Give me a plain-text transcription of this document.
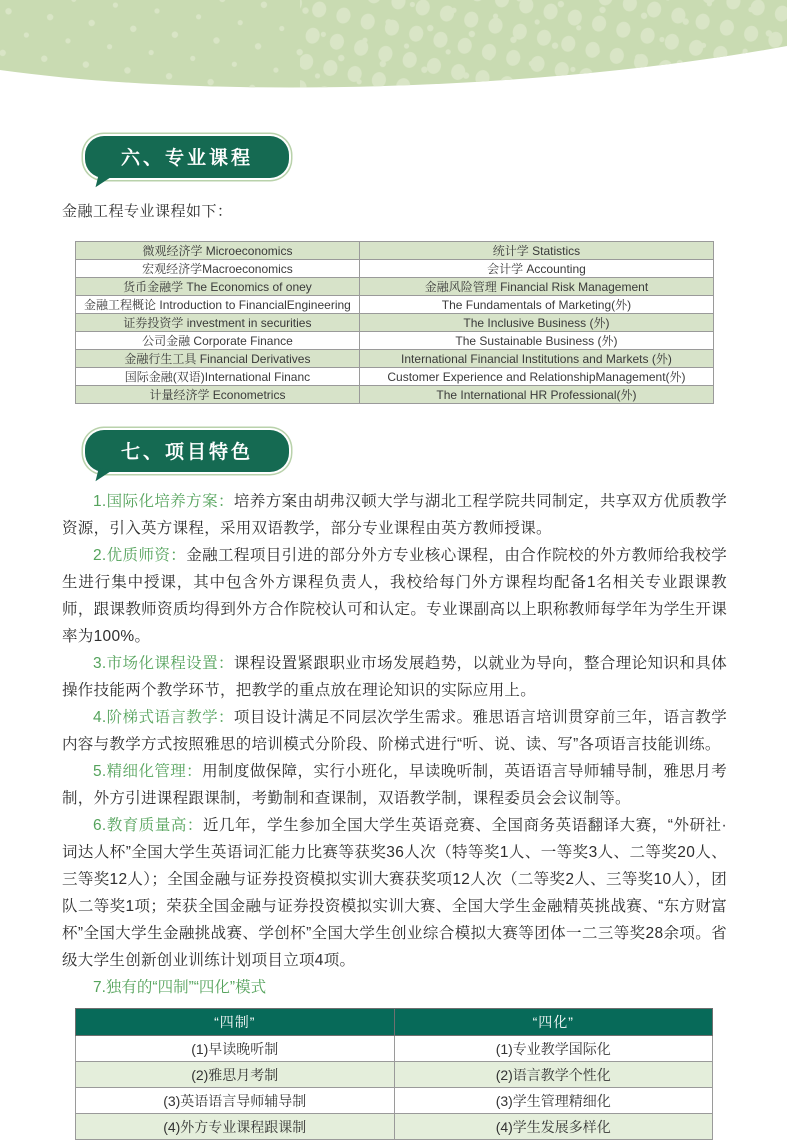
六、专业课程

金融工程专业课程如下：

微观经济学 Microeconomics	统计学 Statistics
宏观经济学Macroeconomics	会计学 Accounting
货币金融学 The Economics of oney	金融风险管理 Financial Risk Management
金融工程概论 Introduction to FinancialEngineering	The Fundamentals of Marketing(外)
证券投资学 investment in securities	The Inclusive Business (外)
公司金融 Corporate Finance	The Sustainable Business (外)
金融行生工具 Financial Derivatives	International Financial Institutions and Markets (外)
国际金融(双语)International Financ	Customer Experience and RelationshipManagement(外)
计量经济学 Econometrics	The International HR Professional(外)
七、项目特色

1.国际化培养方案：培养方案由胡弗汉顿大学与湖北工程学院共同制定，共享双方优质教学资源，引入英方课程，采用双语教学，部分专业课程由英方教师授课。

2.优质师资：金融工程项目引进的部分外方专业核心课程，由合作院校的外方教师给我校学生进行集中授课，其中包含外方课程负责人，我校给每门外方课程均配备1名相关专业跟课教师，跟课教师资质均得到外方合作院校认可和认定。专业课副高以上职称教师每学年为学生开课率为100%。

3.市场化课程设置：课程设置紧跟职业市场发展趋势，以就业为导向，整合理论知识和具体操作技能两个教学环节，把教学的重点放在理论知识的实际应用上。

4.阶梯式语言教学：项目设计满足不同层次学生需求。雅思语言培训贯穿前三年，语言教学内容与教学方式按照雅思的培训模式分阶段、阶梯式进行“听、说、读、写”各项语言技能训练。

5.精细化管理：用制度做保障，实行小班化，早读晚听制，英语语言导师辅导制，雅思月考制，外方引进课程跟课制，考勤制和查课制，双语教学制，课程委员会会议制等。

6.教育质量高：近几年，学生参加全国大学生英语竞赛、全国商务英语翻译大赛，“外研社·词达人杯”全国大学生英语词汇能力比赛等获奖36人次（特等奖1人、一等奖3人、二等奖20人、三等奖12人）；全国金融与证券投资模拟实训大赛获奖项12人次（二等奖2人、三等奖10人），团队二等奖1项；荣获全国金融与证券投资模拟实训大赛、全国大学生金融精英挑战赛、“东方财富杯”全国大学生金融挑战赛、学创杯”全国大学生创业综合模拟大赛等团体一二三等奖28余项。省级大学生创新创业训练计划项目立项4项。

7.独有的“四制”“四化”模式

“四制”	“四化”
(1)早读晚听制	(1)专业教学国际化
(2)雅思月考制	(2)语言教学个性化
(3)英语语言导师辅导制	(3)学生管理精细化
(4)外方专业课程跟课制	(4)学生发展多样化
